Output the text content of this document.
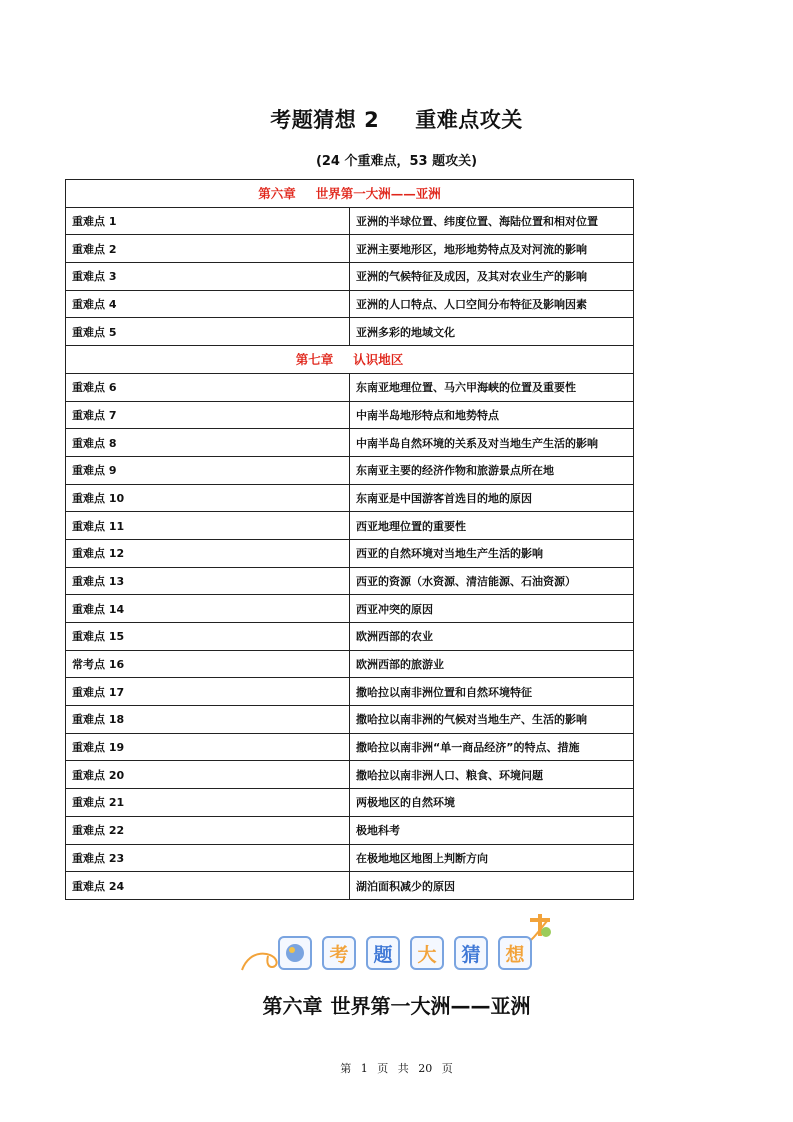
考题猜想 2 重难点攻关
(24 个重难点，53 题攻关)
第六章 世界第一大洲——亚洲	
重难点 1	亚洲的半球位置、纬度位置、海陆位置和相对位置
重难点 2	亚洲主要地形区，地形地势特点及对河流的影响
重难点 3	亚洲的气候特征及成因，及其对农业生产的影响
重难点 4	亚洲的人口特点、人口空间分布特征及影响因素
重难点 5	亚洲多彩的地域文化
第七章 认识地区	
重难点 6	东南亚地理位置、马六甲海峡的位置及重要性
重难点 7	中南半岛地形特点和地势特点
重难点 8	中南半岛自然环境的关系及对当地生产生活的影响
重难点 9	东南亚主要的经济作物和旅游景点所在地
重难点 10	东南亚是中国游客首选目的地的原因
重难点 11	西亚地理位置的重要性
重难点 12	西亚的自然环境对当地生产生活的影响
重难点 13	西亚的资源（水资源、清洁能源、石油资源）
重难点 14	西亚冲突的原因
重难点 15	欧洲西部的农业
常考点 16	欧洲西部的旅游业
重难点 17	撒哈拉以南非洲位置和自然环境特征
重难点 18	撒哈拉以南非洲的气候对当地生产、生活的影响
重难点 19	撒哈拉以南非洲“单一商品经济”的特点、措施
重难点 20	撒哈拉以南非洲人口、粮食、环境问题
重难点 21	两极地区的自然环境
重难点 22	极地科考
重难点 23	在极地地区地图上判断方向
重难点 24	湖泊面积减少的原因
考	题	大	猜	想
第六章 世界第一大洲——亚洲
第 1 页 共 20 页
